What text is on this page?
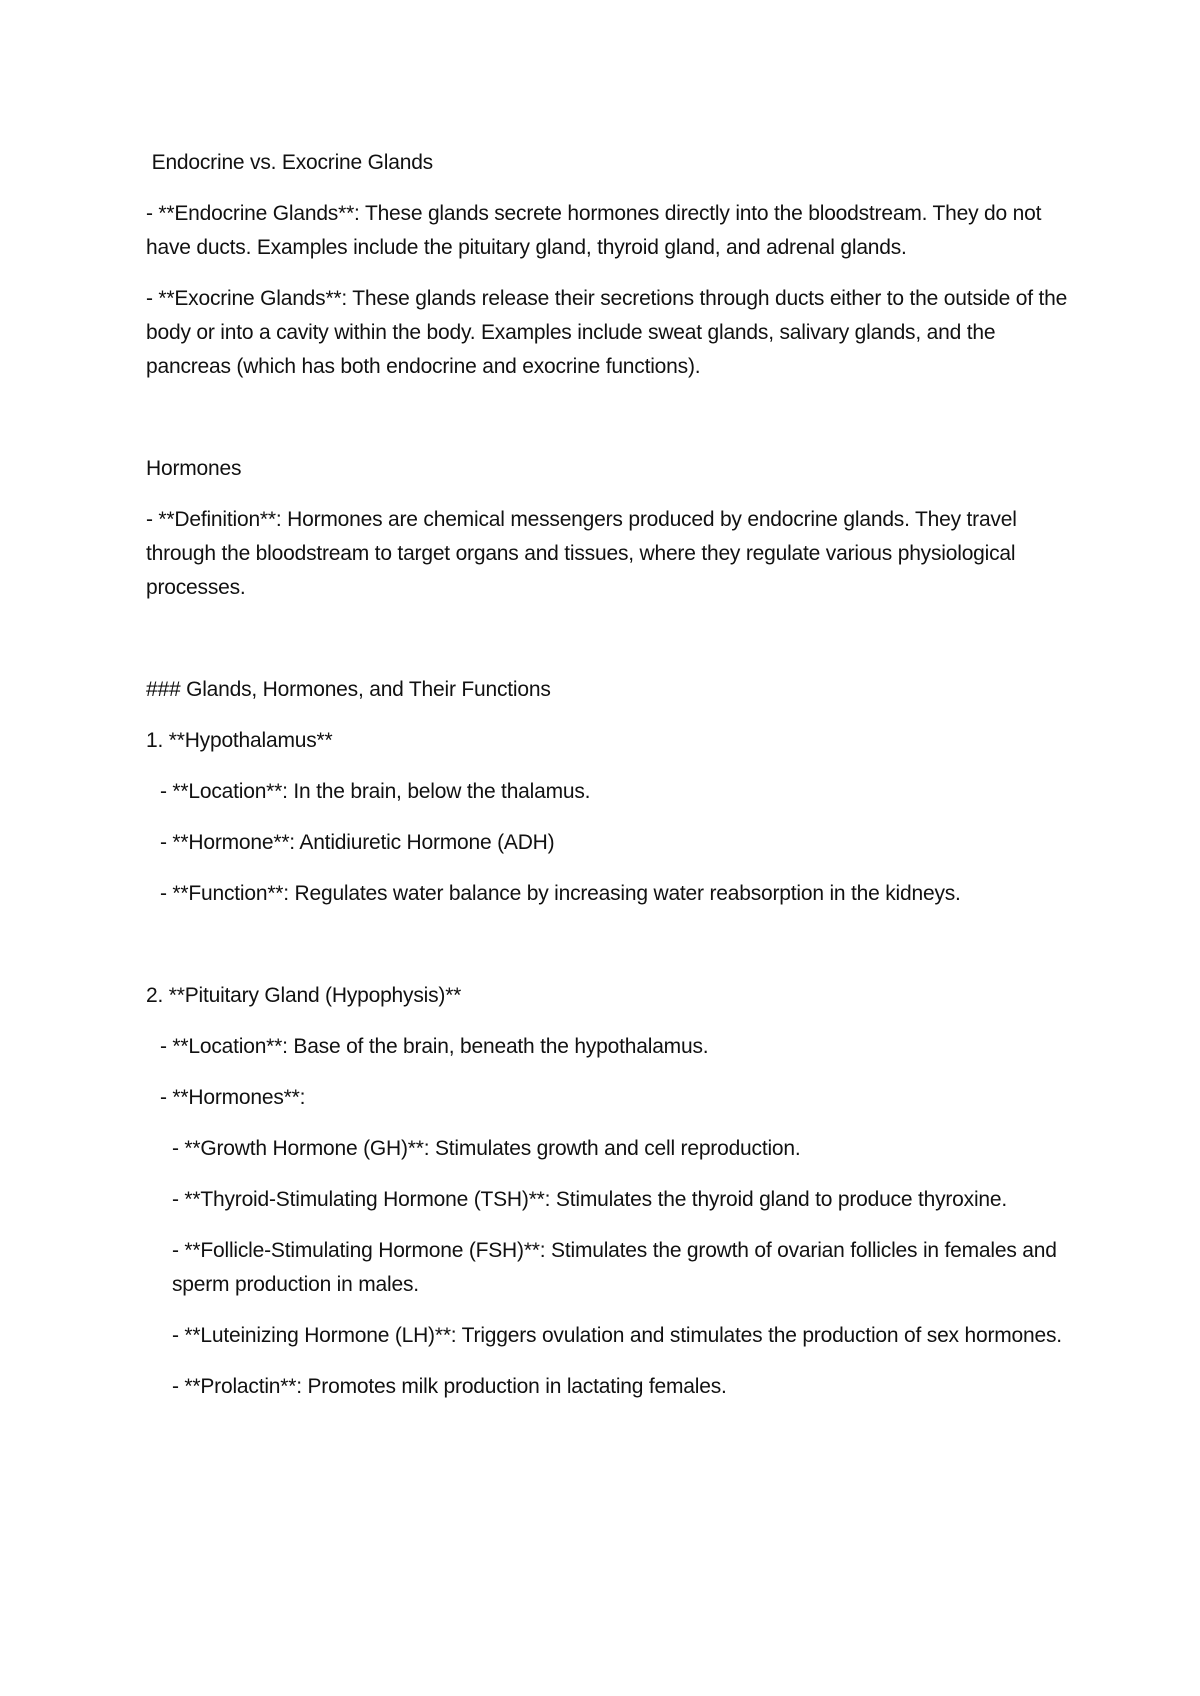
Endocrine vs. Exocrine Glands

- **Endocrine Glands**: These glands secrete hormones directly into the bloodstream. They do not have ducts. Examples include the pituitary gland, thyroid gland, and adrenal glands.

- **Exocrine Glands**: These glands release their secretions through ducts either to the outside of the body or into a cavity within the body. Examples include sweat glands, salivary glands, and the pancreas (which has both endocrine and exocrine functions).

Hormones

- **Definition**: Hormones are chemical messengers produced by endocrine glands. They travel through the bloodstream to target organs and tissues, where they regulate various physiological processes.

### Glands, Hormones, and Their Functions

1. **Hypothalamus**

- **Location**: In the brain, below the thalamus.

- **Hormone**: Antidiuretic Hormone (ADH)

- **Function**: Regulates water balance by increasing water reabsorption in the kidneys.

2. **Pituitary Gland (Hypophysis)**

- **Location**: Base of the brain, beneath the hypothalamus.

- **Hormones**:

- **Growth Hormone (GH)**: Stimulates growth and cell reproduction.

- **Thyroid-Stimulating Hormone (TSH)**: Stimulates the thyroid gland to produce thyroxine.

- **Follicle-Stimulating Hormone (FSH)**: Stimulates the growth of ovarian follicles in females and sperm production in males.

- **Luteinizing Hormone (LH)**: Triggers ovulation and stimulates the production of sex hormones.

- **Prolactin**: Promotes milk production in lactating females.
